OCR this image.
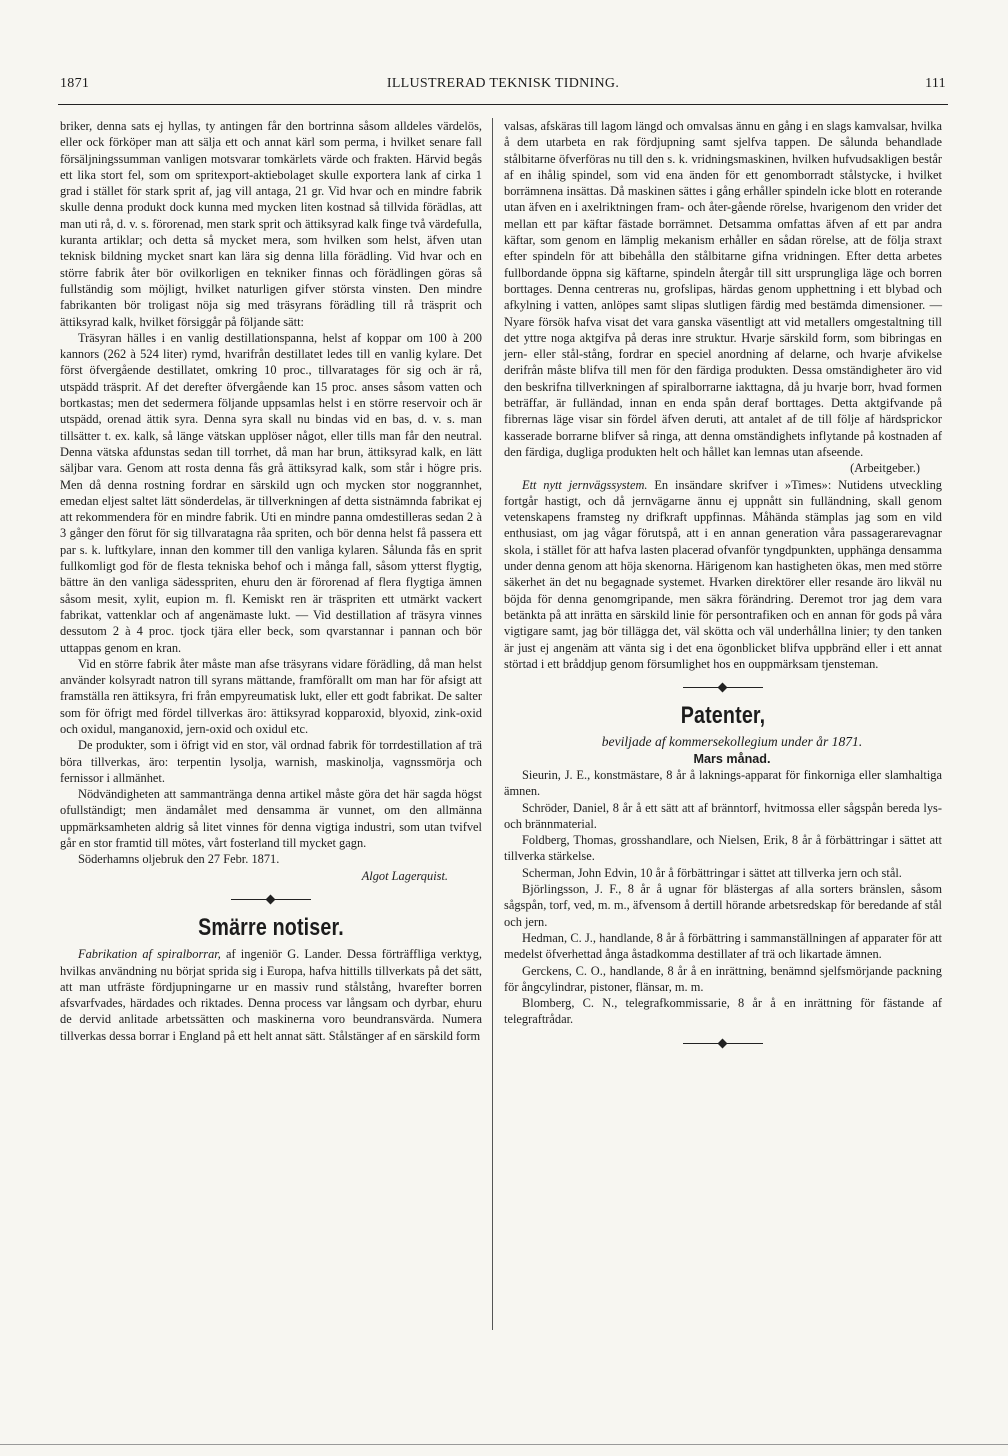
1871	ILLUSTRERAD TEKNISK TIDNING.	111

briker, denna sats ej hyllas, ty antingen får den bortrinna såsom alldeles värdelös, eller ock förköper man att sälja ett och annat kärl som perma, i hvilket senare fall försäljningssumman vanligen motsvarar tomkärlets värde och frakten. Härvid begås ett lika stort fel, som om spritexport-aktiebolaget skulle exportera lank af cirka 1 grad i stället för stark sprit af, jag vill antaga, 21 gr. Vid hvar och en mindre fabrik skulle denna produkt dock kunna med mycken liten kostnad så tillvida förädlas, att man uti rå, d. v. s. förorenad, men stark sprit och ättiksyrad kalk finge två värdefulla, kuranta artiklar; och detta så mycket mera, som hvilken som helst, äfven utan teknisk bildning mycket snart kan lära sig denna lilla förädling. Vid hvar och en större fabrik åter bör ovilkorligen en tekniker finnas och förädlingen göras så fullständig som möjligt, hvilket naturligen gifver största vinsten. Den mindre fabrikanten bör troligast nöja sig med träsyrans förädling till rå träsprit och ättiksyrad kalk, hvilket försiggår på följande sätt:

Träsyran hälles i en vanlig destillationspanna, helst af koppar om 100 à 200 kannors (262 à 524 liter) rymd, hvarifrån destillatet ledes till en vanlig kylare. Det först öfvergående destillatet, omkring 10 proc., tillvaratages för sig och är rå, utspädd träsprit. Af det derefter öfvergående kan 15 proc. anses såsom vatten och bortkastas; men det sedermera följande uppsamlas helst i en större reservoir och är utspädd, orenad ättik syra. Denna syra skall nu bindas vid en bas, d. v. s. man tillsätter t. ex. kalk, så länge vätskan upplöser något, eller tills man får den neutral. Denna vätska afdunstas sedan till torrhet, då man har brun, ättiksyrad kalk, en lätt säljbar vara. Genom att rosta denna fås grå ättiksyrad kalk, som står i högre pris. Men då denna rostning fordrar en särskild ugn och mycken stor noggrannhet, emedan eljest saltet lätt sönderdelas, är tillverkningen af detta sistnämnda fabrikat ej att rekommendera för en mindre fabrik. Uti en mindre panna omdestilleras sedan 2 à 3 gånger den förut för sig tillvaratagna råa spriten, och bör denna helst få passera ett par s. k. luftkylare, innan den kommer till den vanliga kylaren. Sålunda fås en sprit fullkomligt god för de flesta tekniska behof och i många fall, såsom ytterst flygtig, bättre än den vanliga sädesspriten, ehuru den är förorenad af flera flygtiga ämnen såsom mesit, xylit, eupion m. fl. Kemiskt ren är träspriten ett utmärkt vackert fabrikat, vattenklar och af angenämaste lukt. — Vid destillation af träsyra vinnes dessutom 2 à 4 proc. tjock tjära eller beck, som qvarstannar i pannan och bör uttappas genom en kran.

Vid en större fabrik åter måste man afse träsyrans vidare förädling, då man helst använder kolsyradt natron till syrans mättande, framförallt om man har för afsigt att framställa ren ättiksyra, fri från empyreumatisk lukt, eller ett godt fabrikat. De salter som för öfrigt med fördel tillverkas äro: ättiksyrad kopparoxid, blyoxid, zink-oxid och oxidul, manganoxid, jern-oxid och oxidul etc.

De produkter, som i öfrigt vid en stor, väl ordnad fabrik för torrdestillation af trä böra tillverkas, äro: terpentin lysolja, warnish, maskinolja, vagnssmörja och fernissor i allmänhet.

Nödvändigheten att sammantränga denna artikel måste göra det här sagda högst ofullständigt; men ändamålet med densamma är vunnet, om den allmänna uppmärksamheten aldrig så litet vinnes för denna vigtiga industri, som utan tvifvel går en stor framtid till mötes, vårt fosterland till mycket gagn.

Söderhamns oljebruk den 27 Febr. 1871.

Algot Lagerquist.

Smärre notiser.

Fabrikation af spiralborrar, af ingeniör G. Lander. Dessa förträffliga verktyg, hvilkas användning nu börjat sprida sig i Europa, hafva hittills tillverkats på det sätt, att man utfräste fördjupningarne ur en massiv rund stålstång, hvarefter borren afsvarfvades, härdades och riktades. Denna process var långsam och dyrbar, ehuru de dervid anlitade arbetssätten och maskinerna voro beundransvärda. Numera tillverkas dessa borrar i England på ett helt annat sätt. Stålstänger af en särskild form

valsas, afskäras till lagom längd och omvalsas ännu en gång i en slags kamvalsar, hvilka å dem utarbeta en rak fördjupning samt sjelfva tappen. De sålunda behandlade stålbitarne öfverföras nu till den s. k. vridningsmaskinen, hvilken hufvudsakligen består af en ihålig spindel, som vid ena änden för ett genomborradt stålstycke, i hvilket borrämnena insättas. Då maskinen sättes i gång erhåller spindeln icke blott en roterande utan äfven en i axelriktningen fram- och åter-gående rörelse, hvarigenom den vrider det mellan ett par käftar fästade borrämnet. Detsamma omfattas äfven af ett par andra käftar, som genom en lämplig mekanism erhåller en sådan rörelse, att de följa straxt efter spindeln för att bibehålla den stålbitarne gifna vridningen. Efter detta arbetes fullbordande öppna sig käftarne, spindeln återgår till sitt ursprungliga läge och borren borttages. Denna centreras nu, grofslipas, härdas genom upphettning i ett blybad och afkylning i vatten, anlöpes samt slipas slutligen färdig med bestämda dimensioner. — Nyare försök hafva visat det vara ganska väsentligt att vid metallers omgestaltning till det yttre noga aktgifva på deras inre struktur. Hvarje särskild form, som bibringas en jern- eller stål-stång, fordrar en speciel anordning af delarne, och hvarje afvikelse derifrån måste blifva till men för den färdiga produkten. Dessa omständigheter äro vid den beskrifna tillverkningen af spiralborrarne iakttagna, då ju hvarje borr, hvad formen beträffar, är fulländad, innan en enda spån deraf borttages. Detta aktgifvande på fibrernas läge visar sin fördel äfven deruti, att antalet af de till följe af härdsprickor kasserade borrarne blifver så ringa, att denna omständighets inflytande på kostnaden af den färdiga, dugliga produkten helt och hållet kan lemnas utan afseende.

(Arbeitgeber.)

Ett nytt jernvägssystem. En insändare skrifver i »Times»: Nutidens utveckling fortgår hastigt, och då jernvägarne ännu ej uppnått sin fulländning, skall genom vetenskapens framsteg ny drifkraft uppfinnas. Måhända stämplas jag som en vild enthusiast, om jag vågar förutspå, att i en annan generation våra passagerarevagnar skola, i stället för att hafva lasten placerad ofvanför tyngdpunkten, upphänga densamma under denna genom att höja skenorna. Härigenom kan hastigheten ökas, men med större säkerhet än det nu begagnade systemet. Hvarken direktörer eller resande äro likväl nu böjda för denna genomgripande, men säkra förändring. Deremot tror jag dem vara betänkta på att inrätta en särskild linie för persontrafiken och en annan för gods på våra vigtigare samt, jag bör tillägga det, väl skötta och väl underhållna linier; ty den tanken är just ej angenäm att vänta sig i det ena ögonblicket blifva uppbränd eller i ett annat störtad i ett bråddjup genom försumlighet hos en ouppmärksam tjensteman.

Patenter,

beviljade af kommersekollegium under år 1871.

Mars månad.

Sieurin, J. E., konstmästare, 8 år å laknings-apparat för finkorniga eller slamhaltiga ämnen.

Schröder, Daniel, 8 år å ett sätt att af bränntorf, hvitmossa eller sågspån bereda lys- och brännmaterial.

Foldberg, Thomas, grosshandlare, och Nielsen, Erik, 8 år å förbättringar i sättet att tillverka stärkelse.

Scherman, John Edvin, 10 år å förbättringar i sättet att tillverka jern och stål.

Björlingsson, J. F., 8 år å ugnar för blästergas af alla sorters bränslen, såsom sågspån, torf, ved, m. m., äfvensom å dertill hörande arbetsredskap för beredande af stål och jern.

Hedman, C. J., handlande, 8 år å förbättring i sammanställningen af apparater för att medelst öfverhettad ånga åstadkomma destillater af trä och likartade ämnen.

Gerckens, C. O., handlande, 8 år å en inrättning, benämnd sjelfsmörjande packning för ångcylindrar, pistoner, flänsar, m. m.

Blomberg, C. N., telegrafkommissarie, 8 år å en inrättning för fästande af telegraftrådar.
